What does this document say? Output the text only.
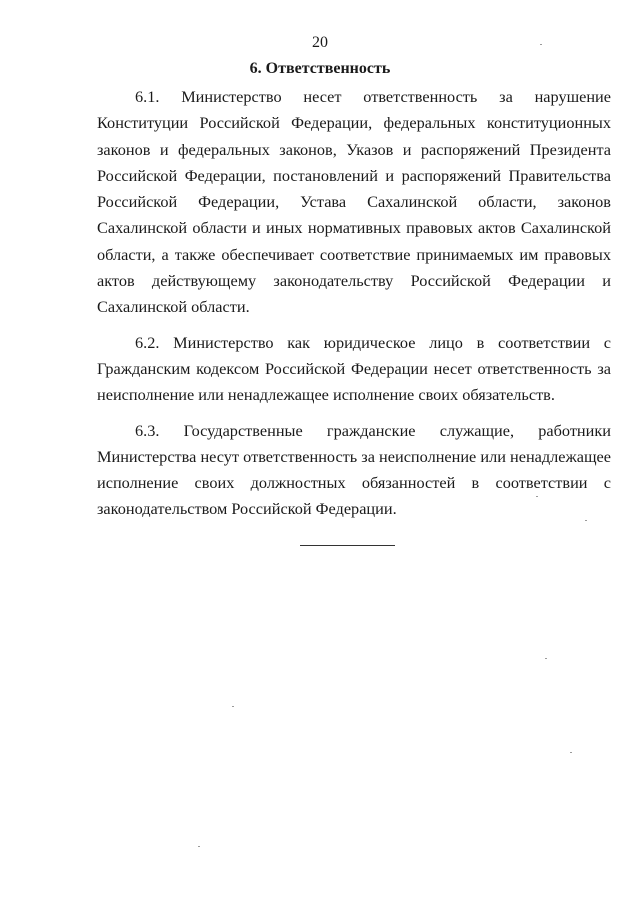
20
6. Ответственность

6.1. Министерство несет ответственность за нарушение Конституции Российской Федерации, федеральных конституционных законов и федеральных законов, Указов и распоряжений Президента Российской Федерации, постановлений и распоряжений Правительства Российской Федерации, Устава Сахалинской области, законов Сахалинской области и иных нормативных правовых актов Сахалинской области, а также обеспечивает соответствие принимаемых им правовых актов действующему законодательству Российской Федерации и Сахалинской области.

6.2. Министерство как юридическое лицо в соответствии с Гражданским кодексом Российской Федерации несет ответственность за неисполнение или ненадлежащее исполнение своих обязательств.

6.3. Государственные гражданские служащие, работники Министерства несут ответственность за неисполнение или ненадлежащее исполнение своих должностных обязанностей в соответствии с законодательством Российской Федерации.
